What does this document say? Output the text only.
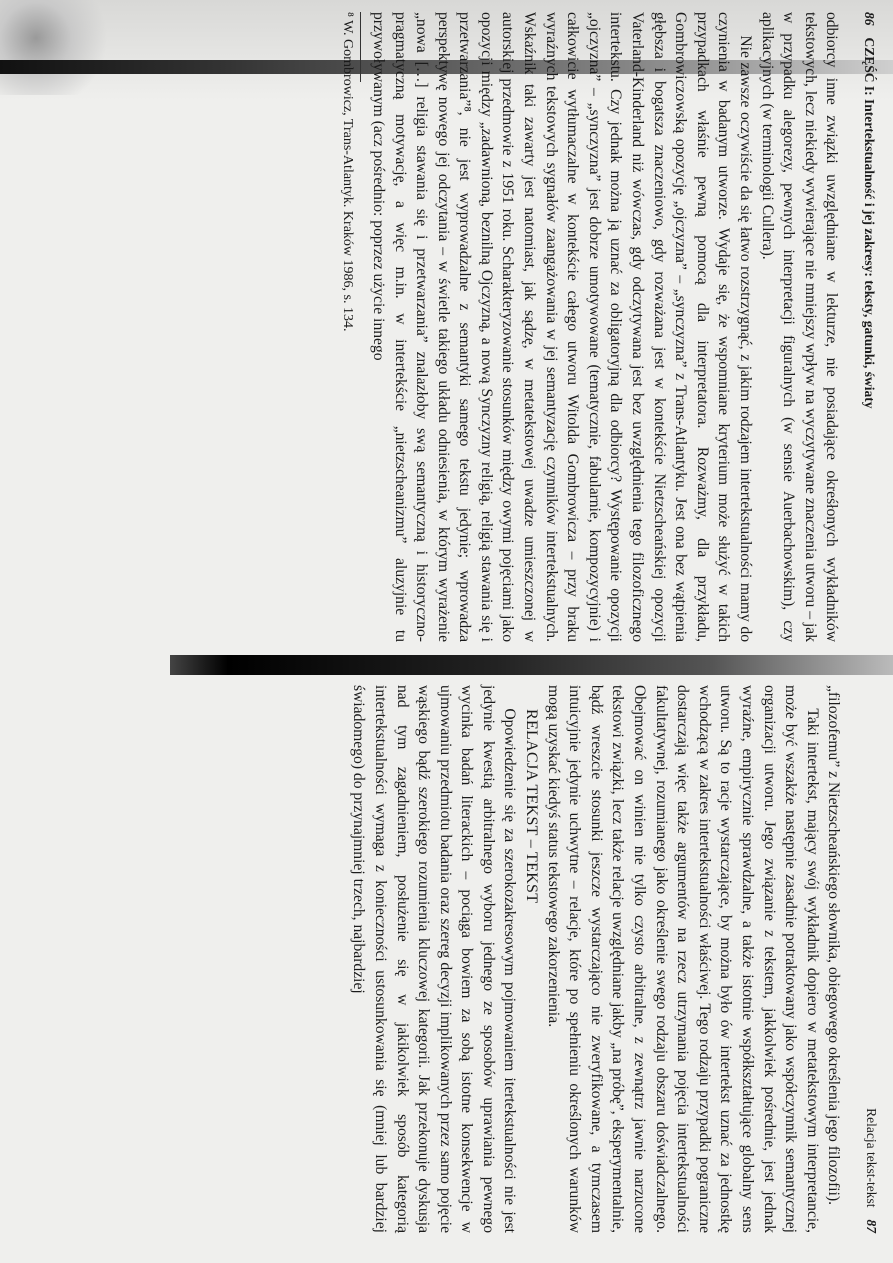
86
CZĘŚĆ I: Intertekstualność i jej zakresy: teksty, gatunki, światy

odbiorcy inne związki uwzględniane w lekturze, nie posiadające okreśłonych wykładników tekstowych, lecz niekiedy wywierające nie mniejszy wpływ na wyczytywane znaczenia utworu – jak w przypadku alegorezy, pewnych interpretacji figuralnych (w sensie Auerbachowskim), czy aplikacyjnych (w terminologii Cullera).

Nie zawsze oczywiście da się łatwo rozstrzygnąć, z jakim rodzajem intertekstualności mamy do czynienia w badanym utworze. Wydaje się, że wspomniane kryterium może służyć w takich przypadkach właśnie pewną pomocą dla interpretatora. Rozważmy, dla przykładu, Gombrowiczowską opozycję „ojczyzna” – „synczyzna” z Trans-Atlantyku. Jest ona bez wątpienia głębsza i bogatsza znaczeniowo, gdy rozważana jest w kontekście Nietzscheańskiej opozycji Vaterland-Kinderland niż wówczas, gdy odczytywana jest bez uwzględnienia tego filozoficznego intertekstu. Czy jednak można ją uznać za obligatoryjną dla odbiorcy? Występowanie opozycji „ojczyzna” – „synczyzna” jest dobrze umotywowane (tematycznie, fabularnie, kompozycyjnie) i całkowicie wytłumaczalne w kontekście całego utworu Witolda Gombrowicza – przy braku wyraźnych tekstowych sygnałów zaangażowania w jej semantyzację czynników intertekstualnych. Wskaźnik taki zawarty jest natomiast, jak sądzę, w metatekstowej uwadze umieszczonej w autorskiej przedmowie z 1951 roku. Scharakteryzowanie stosunków między owymi pojęciami jako opozycji między „zadawnioną, beznilną Ojczyzną, a nową Synczyzny religią, religią stawania się i przetwarzania”⁸, nie jest wyprowadzalne z semantyki samego tekstu jedynie; wprowadza perspektywę nowego jej odczytania – w świetle takiego układu odniesienia, w którym wyrażenie „nowa […] religia stawania się i przetwarzania” znalazłoby swą semantyczną i historyczno-pragmatyczną motywację, a więc m.in. w intertekście „nietzscheanizmu” aluzyjnie tu przywoływanym (acz pośrednio: poprzez użycie innego

⁸ W. Gombrowicz, Trans-Atlantyk. Kraków 1986, s. 134.

Relacja tekst-tekst
87

„filozofemu” z Nietzscheańskiego słownika, obiegowego określenia jego filozofii).

Taki intertekst, mający swój wykładnik dopiero w metatekstowym interpretancie, może być wszakże następnie zasadnie potraktowany jako współczynnik semantycznej organizacji utworu. Jego związanie z tekstem, jakkolwiek pośrednie, jest jednak wyraźne, empirycznie sprawdzalne, a także istotnie współkształtujące globalny sens utworu. Są to racje wystarczające, by można było ów intertekst uznać za jednostkę wchodzącą w zakres intertekstualności właściwej. Tego rodzaju przypadki pograniczne dostarczają więc także argumentów na rzecz utrzymania pojęcia intertekstualności fakultatywnej, rozumianego jako określenie swego rodzaju obszaru doświadczalnego. Obejmować on winien nie tylko czysto arbitralne, z zewnątrz jawnie narzucone tekstowi związki, lecz także relacje uwzględniane jakby „na próbę”, eksperymentalnie, bądź wreszcie stosunki jeszcze wystarczająco nie zweryfikowane, a tymczasem intuicyjnie jedynie uchwytne – relacje, które po spełnieniu określonych warunków mogą uzyskać kiedyś status tekstowego zakorzenienia.

RELACJA TEKST – TEKST

Opowiedzenie się za szerokozakresowym pojmowaniem itertekstualności nie jest jedynie kwestią arbitralnego wyboru jednego ze sposobów uprawiania pewnego wycinka badań literackich – pociąga bowiem za sobą istotne konsekwencje w ujmowaniu przedmiotu badania oraz szereg decyzji implikowanych przez samo pojęcie wąskiego bądź szerokiego rozumienia kluczowej kategorii. Jak przekonuje dyskusja nad tym zagadnieniem, posłużenie się w jakikolwiek sposób kategorią intertekstualności wymaga z konieczności ustosunkowania się (mniej lub bardziej świadomego) do przynajmniej trzech, najbardziej
